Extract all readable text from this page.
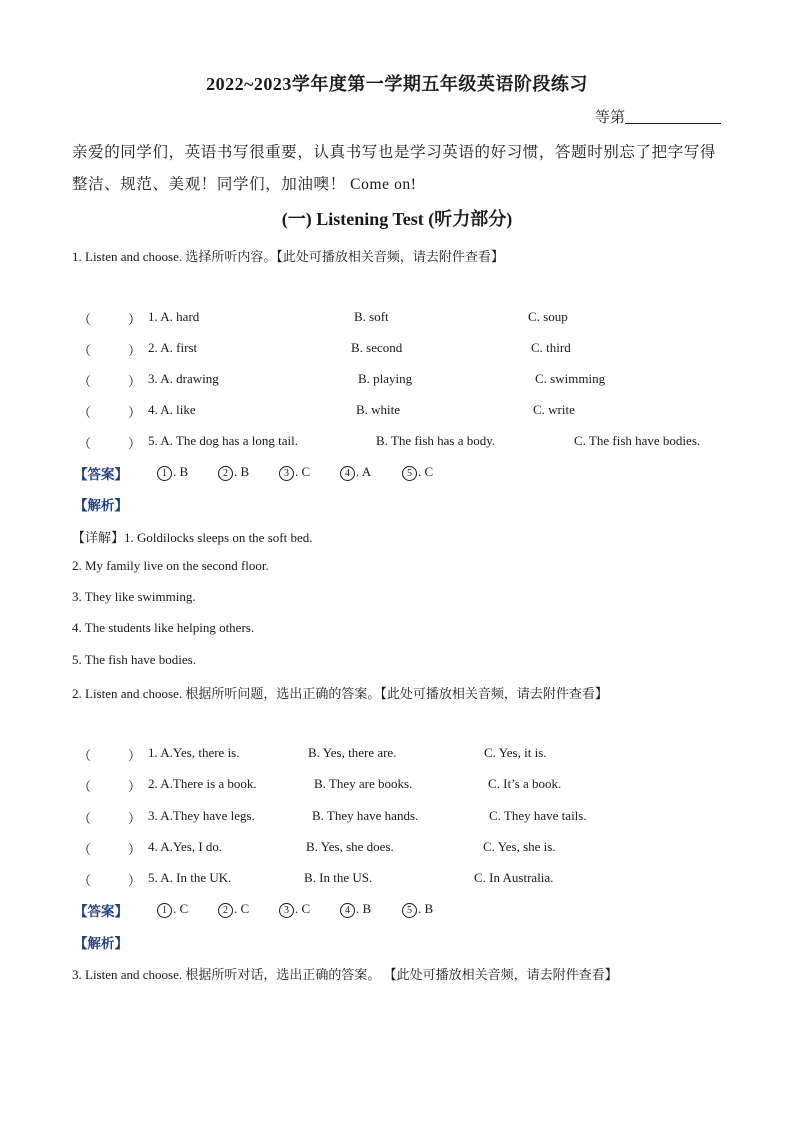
2022~2023学年度第一学期五年级英语阶段练习
等第
亲爱的同学们，英语书写很重要，认真书写也是学习英语的好习惯，答题时别忘了把字写得
整洁、规范、美观！同学们，加油噢！ Come on!
(一) Listening Test (听力部分)
1. Listen and choose. 选择所听内容。【此处可播放相关音频，请去附件查看】
（	） 1. A. hard	B. soft	C. soup
（	） 2. A. first	B. second	C. third
（	） 3. A. drawing	B. playing	C. swimming
（	） 4. A. like	B. white	C. write
（	） 5. A. The dog has a long tail.	B. The fish has a body.	C. The fish have bodies.
【答案】	1 . B	2 . B	3 . C	4 . A	5 . C
【解析】
【详解】1. Goldilocks sleeps on the soft bed.
2. My family live on the second floor.
3. They like swimming.
4. The students like helping others.
5. The fish have bodies.
2. Listen and choose. 根据所听问题，选出正确的答案。【此处可播放相关音频，请去附件查看】
（	） 1. A.Yes, there is.	B. Yes, there are.	C. Yes, it is.
（	） 2. A.There is a book.	B. They are books.	C. It’s a book.
（	） 3. A.They have legs.	B. They have hands.	C. They have tails.
（	） 4. A.Yes, I do.	B. Yes, she does.	C. Yes, she is.
（	） 5. A. In the UK.	B. In the US.	C. In Australia.
【答案】	1 . C	2 . C	3 . C	4 . B	5 . B
【解析】
3. Listen and choose. 根据所听对话，选出正确的答案。 【此处可播放相关音频，请去附件查看】
